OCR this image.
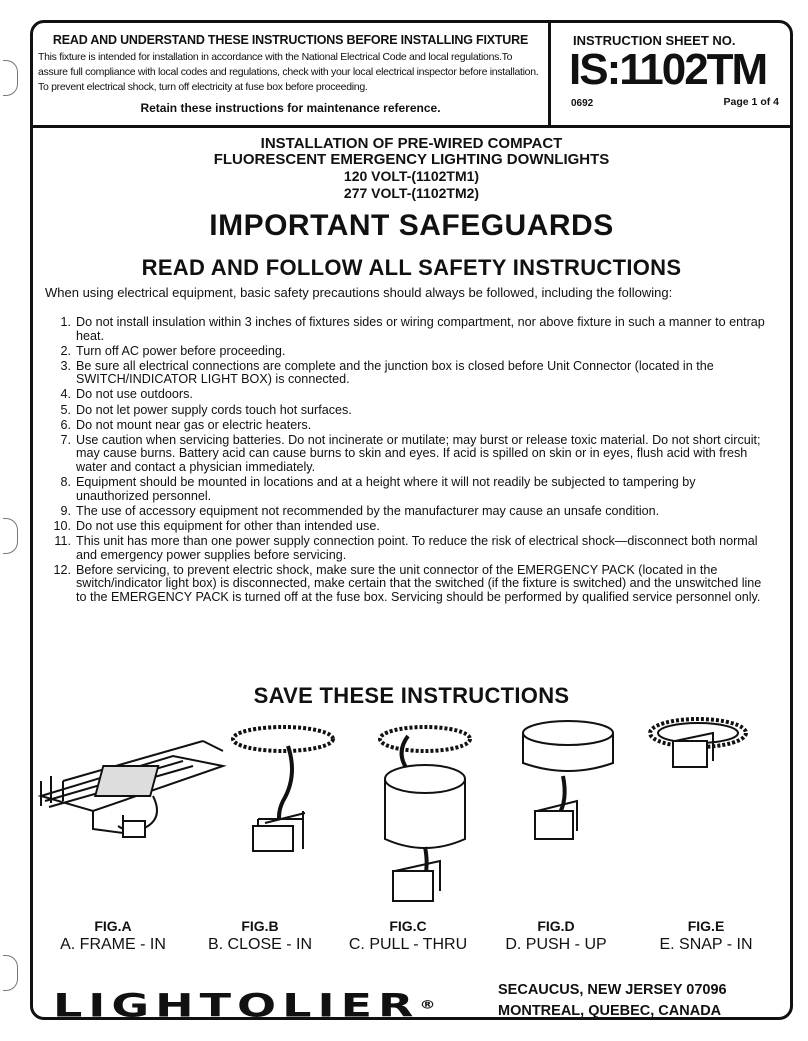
READ AND UNDERSTAND THESE INSTRUCTIONS BEFORE INSTALLING FIXTURE
This fixture is intended for installation in accordance with the National Electrical Code and local regulations.To assure full compliance with local codes and regulations, check with your local electrical inspector before installation. To prevent electrical shock, turn off electricity at fuse box before proceeding.
Retain these instructions for maintenance reference.
INSTRUCTION SHEET NO.
IS:1102TM
0692	Page 1 of 4
INSTALLATION OF PRE-WIRED COMPACT
FLUORESCENT EMERGENCY LIGHTING DOWNLIGHTS
120 VOLT-(1102TM1)
277 VOLT-(1102TM2)
IMPORTANT SAFEGUARDS
READ AND FOLLOW ALL SAFETY INSTRUCTIONS
When using electrical equipment, basic safety precautions should always be followed, including the following:
1. Do not install insulation within 3 inches of fixtures sides or wiring compartment, nor above fixture in such a manner to entrap heat.
2. Turn off AC power before proceeding.
3. Be sure all electrical connections are complete and the junction box is closed before Unit Connector (located in the SWITCH/INDICATOR LIGHT BOX) is connected.
4. Do not use outdoors.
5. Do not let power supply cords touch hot surfaces.
6. Do not mount near gas or electric heaters.
7. Use caution when servicing batteries. Do not incinerate or mutilate; may burst or release toxic material. Do not short circuit; may cause burns. Battery acid can cause burns to skin and eyes. If acid is spilled on skin or in eyes, flush acid with fresh water and contact a physician immediately.
8. Equipment should be mounted in locations and at a height where it will not readily be subjected to tampering by unauthorized personnel.
9. The use of accessory equipment not recommended by the manufacturer may cause an unsafe condition.
10. Do not use this equipment for other than intended use.
11. This unit has more than one power supply connection point. To reduce the risk of electrical shock—disconnect both normal and emergency power supplies before servicing.
12. Before servicing, to prevent electric shock, make sure the unit connector of the EMERGENCY PACK (located in the switch/indicator light box) is disconnected, make certain that the switched (if the fixture is switched) and the unswitched line to the EMERGENCY PACK is turned off at the fuse box. Servicing should be performed by qualified service personnel only.
SAVE THESE INSTRUCTIONS
FIG.A
A. FRAME - IN
FIG.B
B. CLOSE - IN
FIG.C
C. PULL - THRU
FIG.D
D. PUSH - UP
FIG.E
E. SNAP - IN
LIGHTOLIER®
SECAUCUS, NEW JERSEY 07096
MONTREAL, QUEBEC, CANADA
